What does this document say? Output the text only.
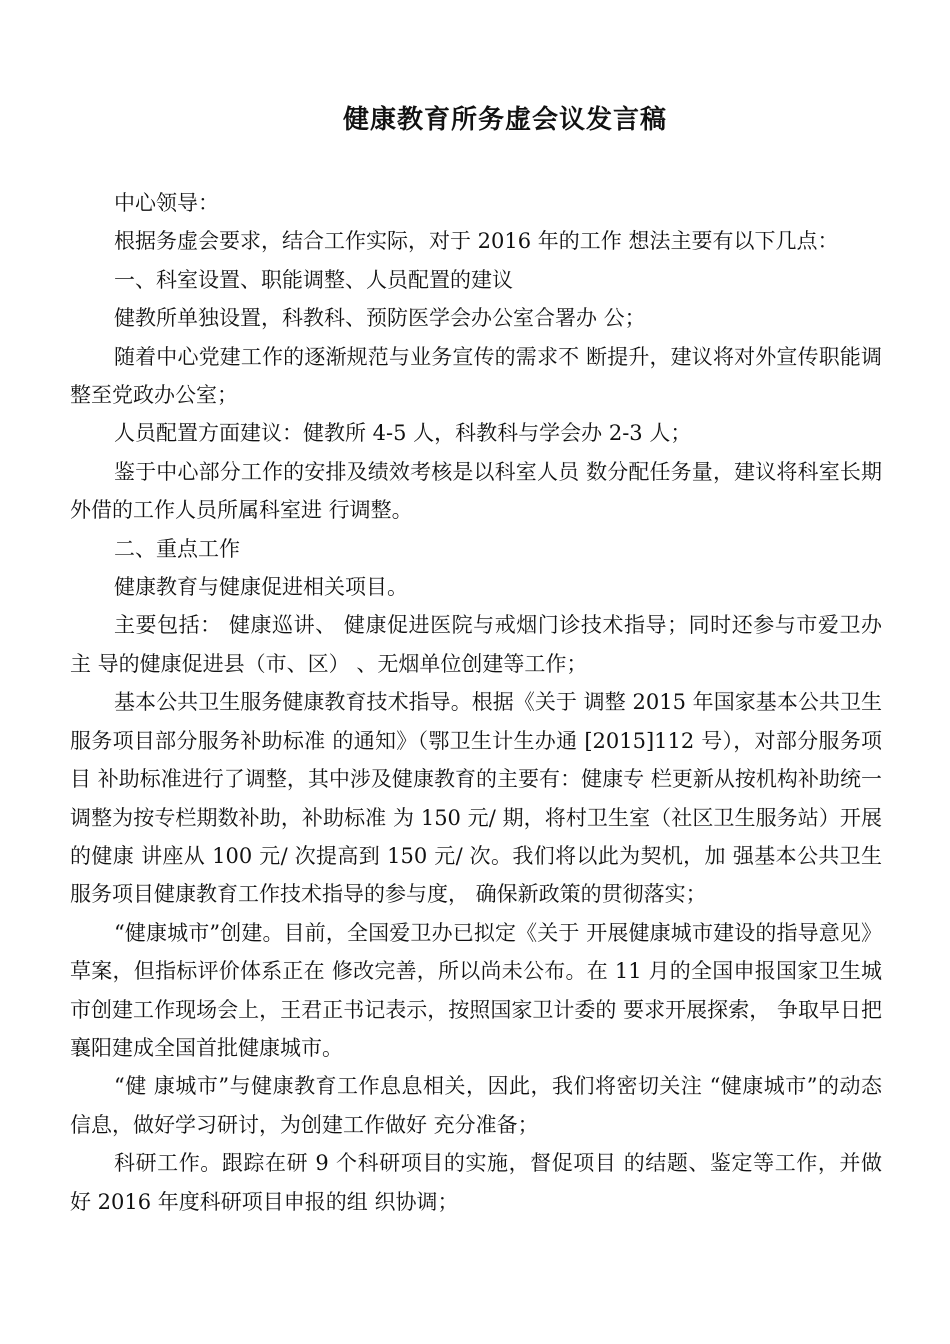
健康教育所务虚会议发言稿

中心领导：

根据务虚会要求，结合工作实际，对于 2016 年的工作 想法主要有以下几点：

一、科室设置、职能调整、人员配置的建议

健教所单独设置，科教科、预防医学会办公室合署办 公；

随着中心党建工作的逐渐规范与业务宣传的需求不 断提升，建议将对外宣传职能调整至党政办公室；

人员配置方面建议：健教所 4-5 人，科教科与学会办 2-3 人；

鉴于中心部分工作的安排及绩效考核是以科室人员 数分配任务量，建议将科室长期外借的工作人员所属科室进 行调整。

二、重点工作

健康教育与健康促进相关项目。

主要包括： 健康巡讲、 健康促进医院与戒烟门诊技术指导；同时还参与市爱卫办主 导的健康促进县（市、区） 、无烟单位创建等工作；

基本公共卫生服务健康教育技术指导。根据《关于 调整 2015 年国家基本公共卫生服务项目部分服务补助标准 的通知》（鄂卫生计生办通 [2015]112 号），对部分服务项目 补助标准进行了调整，其中涉及健康教育的主要有：健康专 栏更新从按机构补助统一调整为按专栏期数补助，补助标准 为 150 元/ 期，将村卫生室（社区卫生服务站）开展的健康 讲座从 100 元/ 次提高到 150 元/ 次。我们将以此为契机，加 强基本公共卫生服务项目健康教育工作技术指导的参与度， 确保新政策的贯彻落实；

“健康城市”创建。目前，全国爱卫办已拟定《关于 开展健康城市建设的指导意见》草案，但指标评价体系正在 修改完善，所以尚未公布。在 11 月的全国申报国家卫生城 市创建工作现场会上，王君正书记表示，按照国家卫计委的 要求开展探索， 争取早日把襄阳建成全国首批健康城市。

“健 康城市”与健康教育工作息息相关，因此，我们将密切关注 “健康城市”的动态信息，做好学习研讨，为创建工作做好 充分准备；

科研工作。跟踪在研 9 个科研项目的实施，督促项目 的结题、鉴定等工作，并做好 2016 年度科研项目申报的组 织协调；
